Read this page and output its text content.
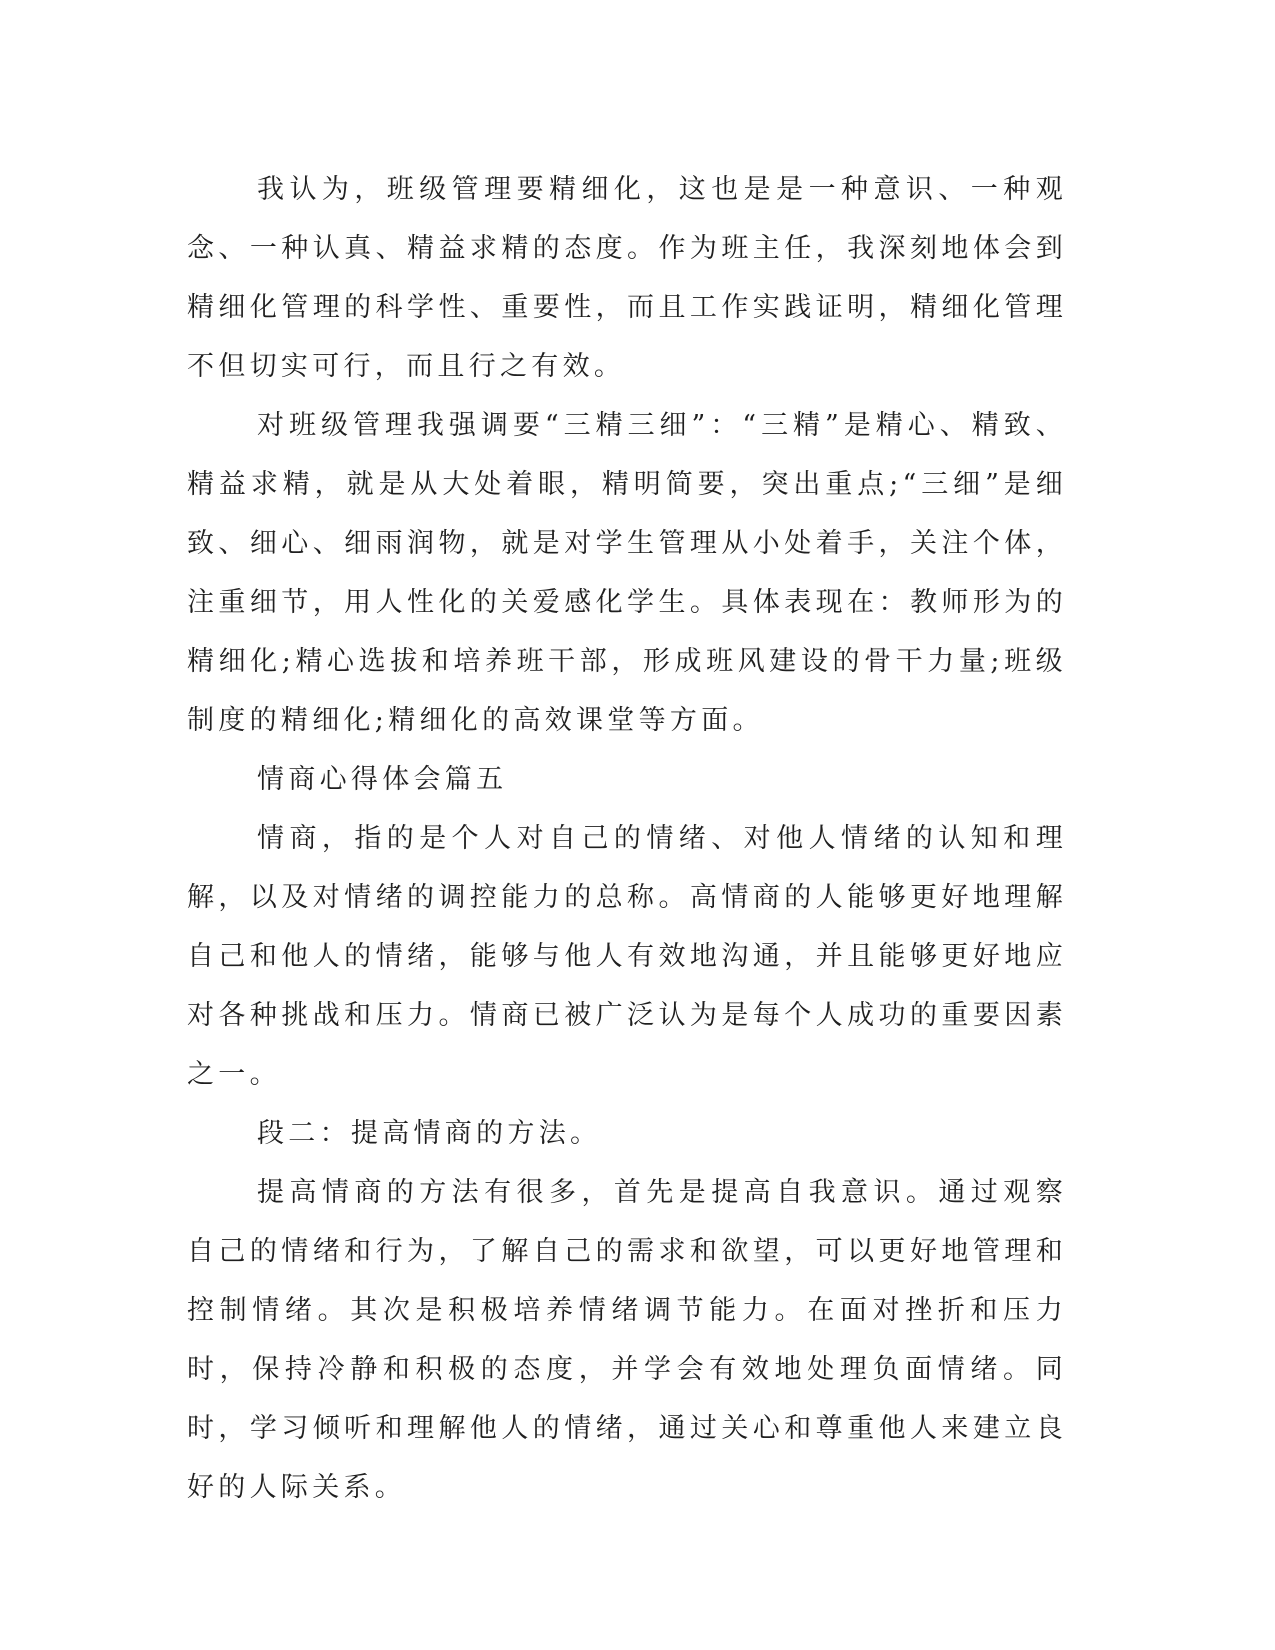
我认为，班级管理要精细化，这也是是一种意识、一种观念、一种认真、精益求精的态度。作为班主任，我深刻地体会到精细化管理的科学性、重要性，而且工作实践证明，精细化管理不但切实可行，而且行之有效。

对班级管理我强调要“三精三细”：“三精”是精心、精致、精益求精，就是从大处着眼，精明简要，突出重点;“三细”是细致、细心、细雨润物，就是对学生管理从小处着手，关注个体，注重细节，用人性化的关爱感化学生。具体表现在：教师形为的精细化;精心选拔和培养班干部，形成班风建设的骨干力量;班级制度的精细化;精细化的高效课堂等方面。

情商心得体会篇五

情商，指的是个人对自己的情绪、对他人情绪的认知和理解，以及对情绪的调控能力的总称。高情商的人能够更好地理解自己和他人的情绪，能够与他人有效地沟通，并且能够更好地应对各种挑战和压力。情商已被广泛认为是每个人成功的重要因素之一。

段二：提高情商的方法。

提高情商的方法有很多，首先是提高自我意识。通过观察自己的情绪和行为，了解自己的需求和欲望，可以更好地管理和控制情绪。其次是积极培养情绪调节能力。在面对挫折和压力时，保持冷静和积极的态度，并学会有效地处理负面情绪。同时，学习倾听和理解他人的情绪，通过关心和尊重他人来建立良好的人际关系。
